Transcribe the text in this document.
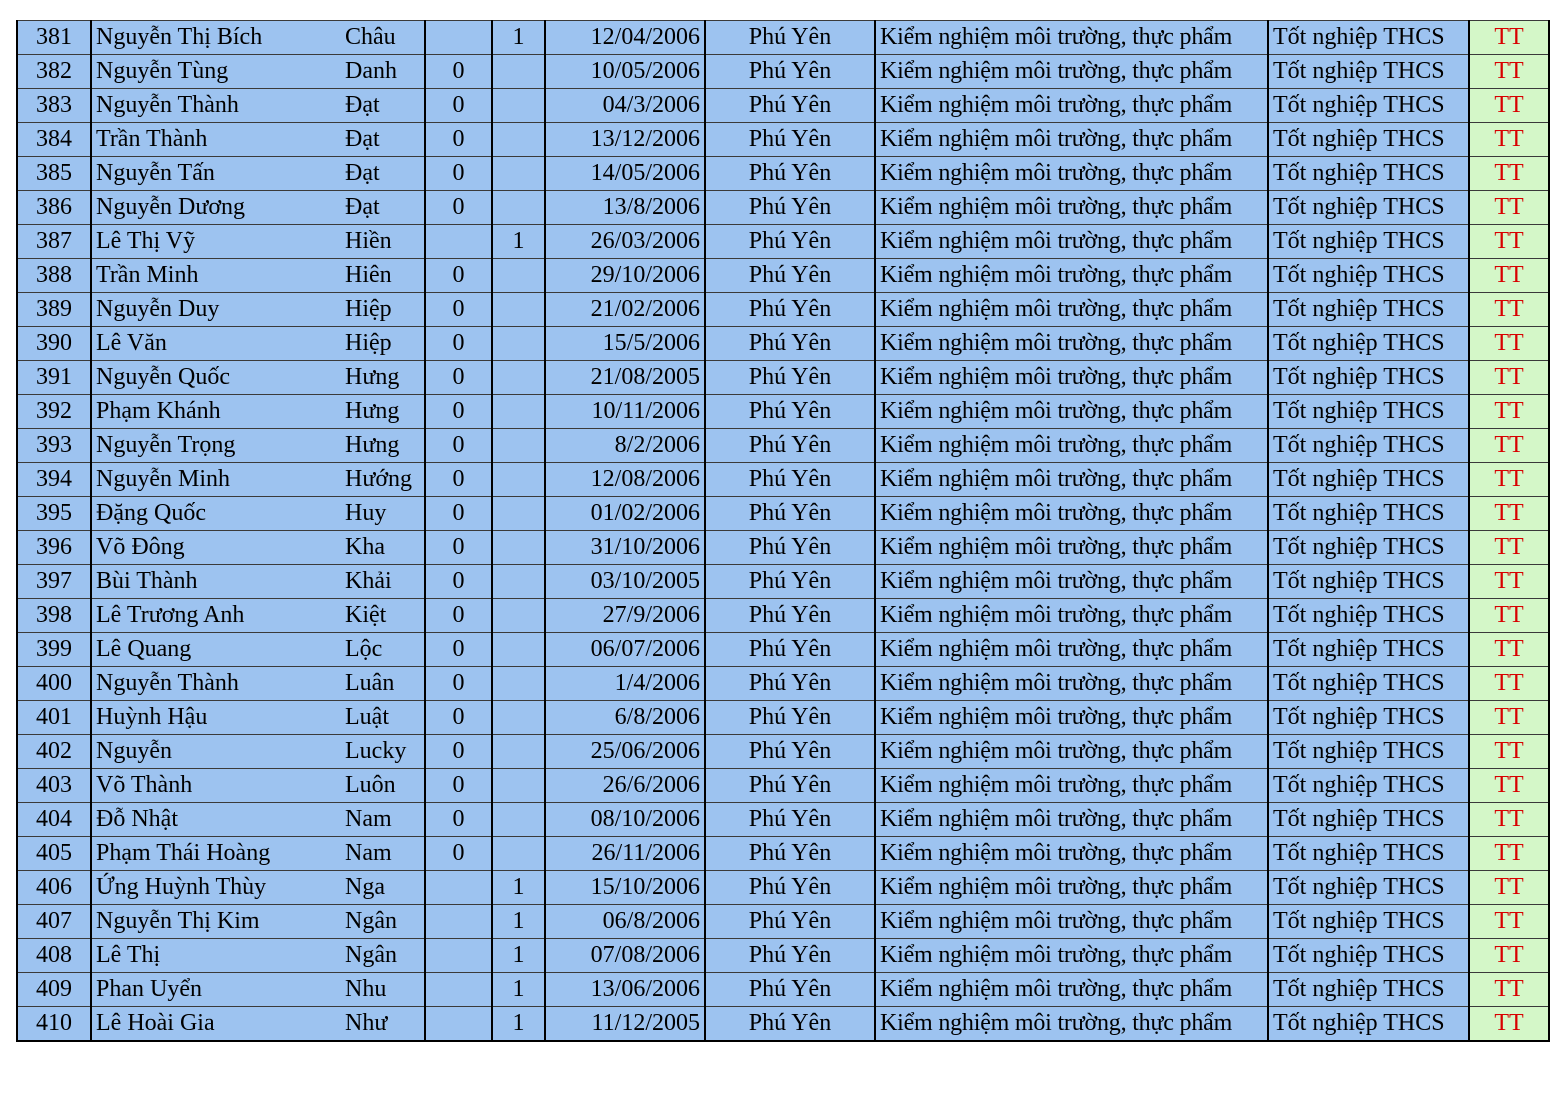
381	Nguyễn Thị Bích	Châu		1	12/04/2006	Phú Yên	Kiểm nghiệm môi trường, thực phẩm	Tốt nghiệp THCS	TT
382	Nguyễn Tùng	Danh	0		10/05/2006	Phú Yên	Kiểm nghiệm môi trường, thực phẩm	Tốt nghiệp THCS	TT
383	Nguyễn Thành	Đạt	0		04/3/2006	Phú Yên	Kiểm nghiệm môi trường, thực phẩm	Tốt nghiệp THCS	TT
384	Trần Thành	Đạt	0		13/12/2006	Phú Yên	Kiểm nghiệm môi trường, thực phẩm	Tốt nghiệp THCS	TT
385	Nguyễn Tấn	Đạt	0		14/05/2006	Phú Yên	Kiểm nghiệm môi trường, thực phẩm	Tốt nghiệp THCS	TT
386	Nguyễn Dương	Đạt	0		13/8/2006	Phú Yên	Kiểm nghiệm môi trường, thực phẩm	Tốt nghiệp THCS	TT
387	Lê Thị Vỹ	Hiền		1	26/03/2006	Phú Yên	Kiểm nghiệm môi trường, thực phẩm	Tốt nghiệp THCS	TT
388	Trần Minh	Hiên	0		29/10/2006	Phú Yên	Kiểm nghiệm môi trường, thực phẩm	Tốt nghiệp THCS	TT
389	Nguyễn Duy	Hiệp	0		21/02/2006	Phú Yên	Kiểm nghiệm môi trường, thực phẩm	Tốt nghiệp THCS	TT
390	Lê Văn	Hiệp	0		15/5/2006	Phú Yên	Kiểm nghiệm môi trường, thực phẩm	Tốt nghiệp THCS	TT
391	Nguyễn Quốc	Hưng	0		21/08/2005	Phú Yên	Kiểm nghiệm môi trường, thực phẩm	Tốt nghiệp THCS	TT
392	Phạm Khánh	Hưng	0		10/11/2006	Phú Yên	Kiểm nghiệm môi trường, thực phẩm	Tốt nghiệp THCS	TT
393	Nguyễn Trọng	Hưng	0		8/2/2006	Phú Yên	Kiểm nghiệm môi trường, thực phẩm	Tốt nghiệp THCS	TT
394	Nguyễn Minh	Hướng	0		12/08/2006	Phú Yên	Kiểm nghiệm môi trường, thực phẩm	Tốt nghiệp THCS	TT
395	Đặng Quốc	Huy	0		01/02/2006	Phú Yên	Kiểm nghiệm môi trường, thực phẩm	Tốt nghiệp THCS	TT
396	Võ Đông	Kha	0		31/10/2006	Phú Yên	Kiểm nghiệm môi trường, thực phẩm	Tốt nghiệp THCS	TT
397	Bùi Thành	Khải	0		03/10/2005	Phú Yên	Kiểm nghiệm môi trường, thực phẩm	Tốt nghiệp THCS	TT
398	Lê Trương Anh	Kiệt	0		27/9/2006	Phú Yên	Kiểm nghiệm môi trường, thực phẩm	Tốt nghiệp THCS	TT
399	Lê Quang	Lộc	0		06/07/2006	Phú Yên	Kiểm nghiệm môi trường, thực phẩm	Tốt nghiệp THCS	TT
400	Nguyễn Thành	Luân	0		1/4/2006	Phú Yên	Kiểm nghiệm môi trường, thực phẩm	Tốt nghiệp THCS	TT
401	Huỳnh Hậu	Luật	0		6/8/2006	Phú Yên	Kiểm nghiệm môi trường, thực phẩm	Tốt nghiệp THCS	TT
402	Nguyễn	Lucky	0		25/06/2006	Phú Yên	Kiểm nghiệm môi trường, thực phẩm	Tốt nghiệp THCS	TT
403	Võ Thành	Luôn	0		26/6/2006	Phú Yên	Kiểm nghiệm môi trường, thực phẩm	Tốt nghiệp THCS	TT
404	Đỗ Nhật	Nam	0		08/10/2006	Phú Yên	Kiểm nghiệm môi trường, thực phẩm	Tốt nghiệp THCS	TT
405	Phạm Thái Hoàng	Nam	0		26/11/2006	Phú Yên	Kiểm nghiệm môi trường, thực phẩm	Tốt nghiệp THCS	TT
406	Ứng Huỳnh Thùy	Nga		1	15/10/2006	Phú Yên	Kiểm nghiệm môi trường, thực phẩm	Tốt nghiệp THCS	TT
407	Nguyễn Thị Kim	Ngân		1	06/8/2006	Phú Yên	Kiểm nghiệm môi trường, thực phẩm	Tốt nghiệp THCS	TT
408	Lê Thị	Ngân		1	07/08/2006	Phú Yên	Kiểm nghiệm môi trường, thực phẩm	Tốt nghiệp THCS	TT
409	Phan Uyển	Nhu		1	13/06/2006	Phú Yên	Kiểm nghiệm môi trường, thực phẩm	Tốt nghiệp THCS	TT
410	Lê Hoài Gia	Như		1	11/12/2005	Phú Yên	Kiểm nghiệm môi trường, thực phẩm	Tốt nghiệp THCS	TT
